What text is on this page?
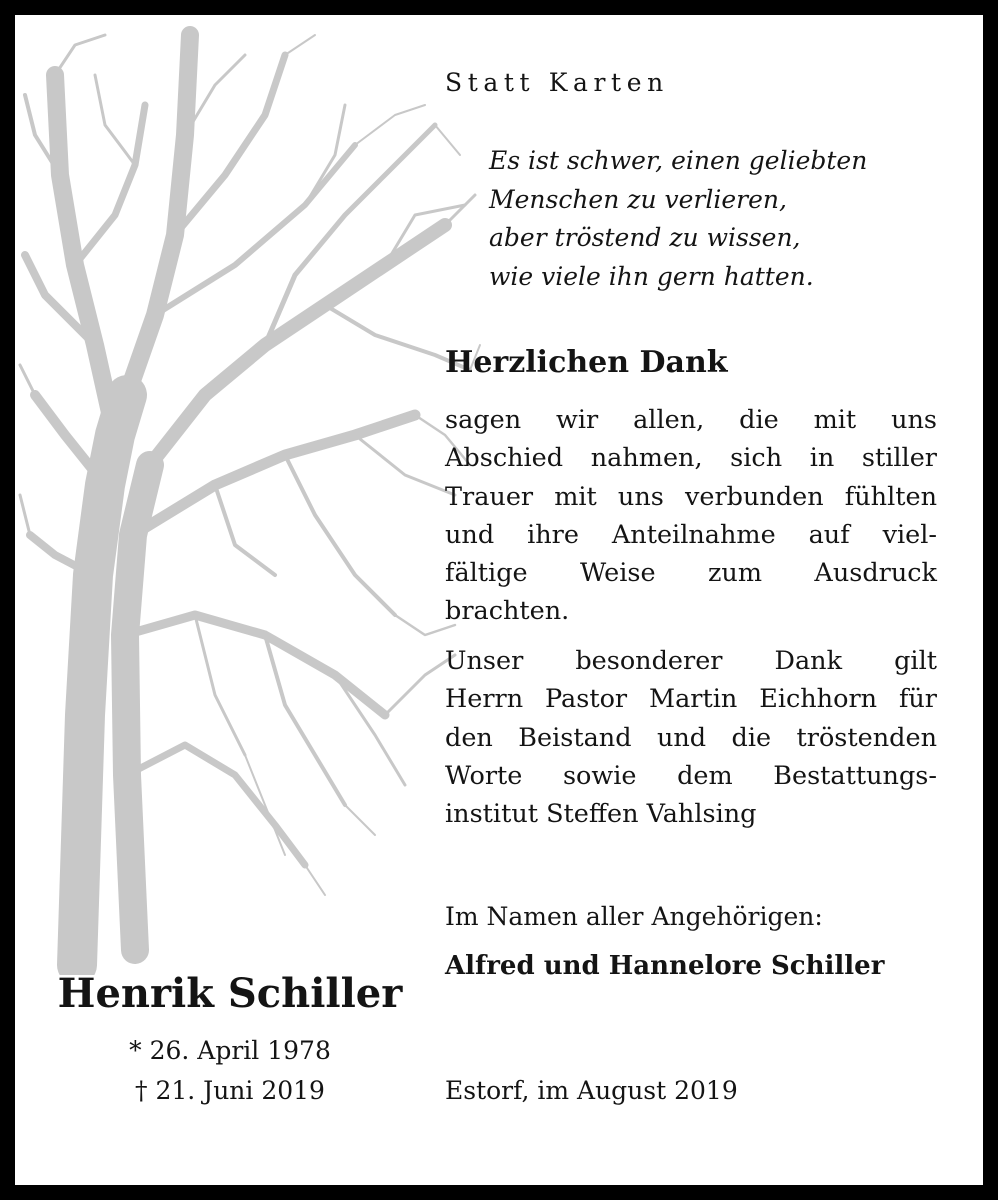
Statt Karten
Es ist schwer, einen geliebten
Menschen zu verlieren,
aber tröstend zu wissen,
wie viele ihn gern hatten.
Herzlichen Dank
sagen wir allen, die mit uns
Abschied nahmen, sich in stiller
Trauer mit uns verbunden fühlten
und ihre Anteilnahme auf viel-
fältige Weise zum Ausdruck
brachten.
Unser besonderer Dank gilt
Herrn Pastor Martin Eichhorn für
den Beistand und die tröstenden
Worte sowie dem Bestattungs-
institut Steffen Vahlsing
Im Namen aller Angehörigen:
Alfred und Hannelore Schiller
Henrik Schiller
* 26. April 1978
† 21. Juni 2019	Estorf, im August 2019
